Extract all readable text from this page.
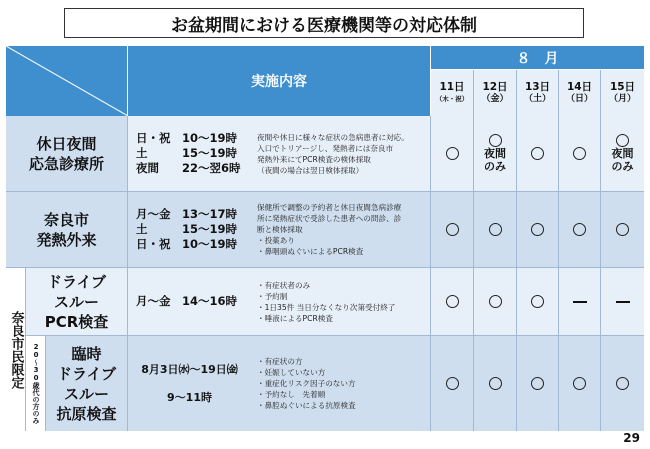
お盆期間における医療機関等の対応体制
実施内容
８　月
11日
（木・祝）
12日
（金）
13日
（土）
14日
（日）
15日
（月）
休日夜間
応急診療所
日・祝　10〜19時
土　　　15〜19時
夜間　　22〜翌6時
夜間や休日に様々な症状の急病患者に対応。
入口でトリアージし、発熱者には奈良市
発熱外来にてPCR検査の検体採取
（夜間の場合は翌日検体採取）
夜間
のみ
夜間
のみ
奈良市
発熱外来
月〜金　13〜17時
土　　　15〜19時
日・祝　10〜19時
保健所で調整の予約者と休日夜間急病診療
所に発熱症状で受診した患者への問診、診
断と検体採取
・投薬あり
・鼻咽頭ぬぐいによるPCR検査
奈良市民限定
ドライブ
スルー
PCR検査
月〜金　14〜16時
・有症状者のみ
・予約制
・1日35件 当日分なくなり次第受付終了
・唾液によるPCR検査
20〜30歳代の方のみ	臨時
ドライブ
スルー
抗原検査
8月3日㈬〜19日㈮
9〜11時
・有症状の方
・妊娠していない方
・重症化リスク因子のない方
・予約なし　先着順
・鼻腔ぬぐいによる抗原検査
29
